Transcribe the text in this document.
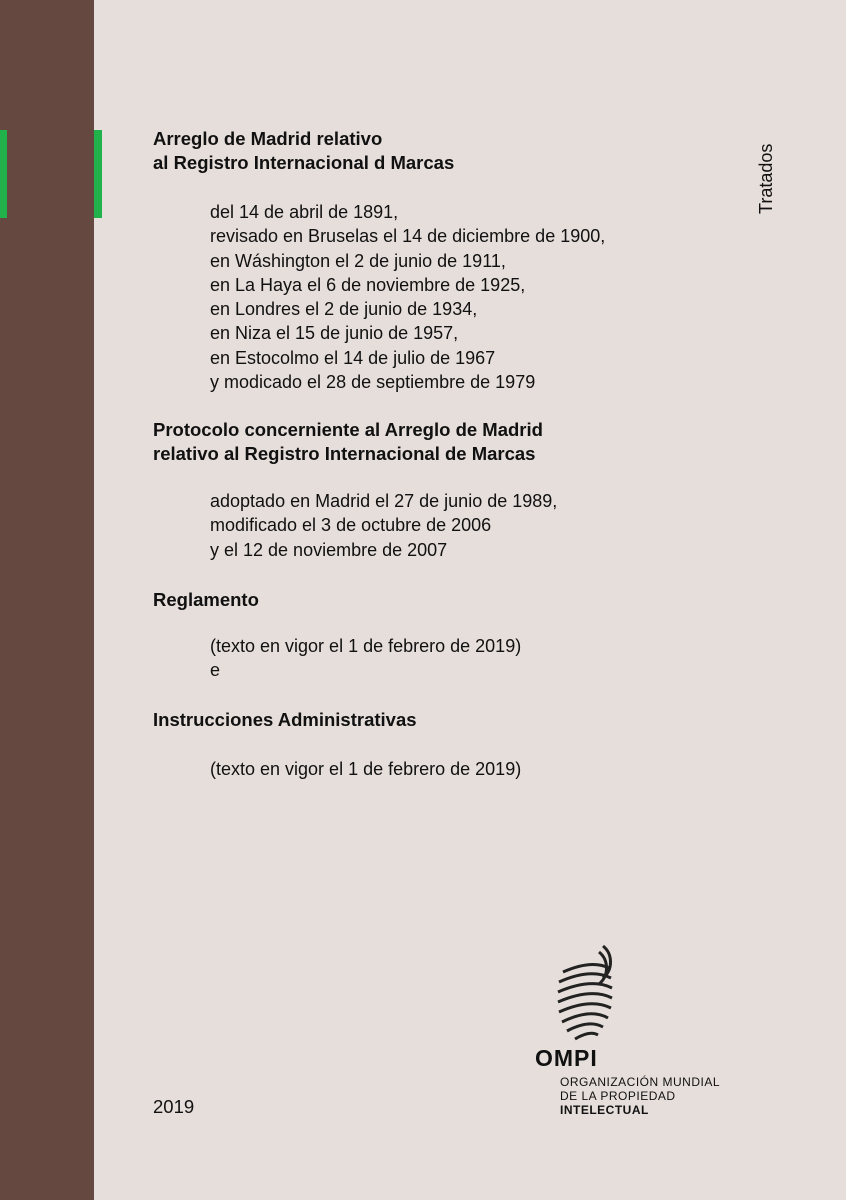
Tratados
Arreglo de Madrid relativo
al Registro Internacional d Marcas
del 14 de abril de 1891,
revisado en Bruselas el 14 de diciembre de 1900,
en Wáshington el 2 de junio de 1911,
en La Haya el 6 de noviembre de 1925,
en Londres el 2 de junio de 1934,
en Niza el 15 de junio de 1957,
en Estocolmo el 14 de julio de 1967
y modicado el 28 de septiembre de 1979
Protocolo concerniente al Arreglo de Madrid
relativo al Registro Internacional de Marcas
adoptado en Madrid el 27 de junio de 1989,
modificado el 3 de octubre de 2006
y el 12 de noviembre de 2007
Reglamento
(texto en vigor el 1 de febrero de 2019)
e
Instrucciones Administrativas
(texto en vigor el 1 de febrero de 2019)
2019
OMPI
ORGANIZACIÓN MUNDIAL
DE LA PROPIEDAD
INTELECTUAL
